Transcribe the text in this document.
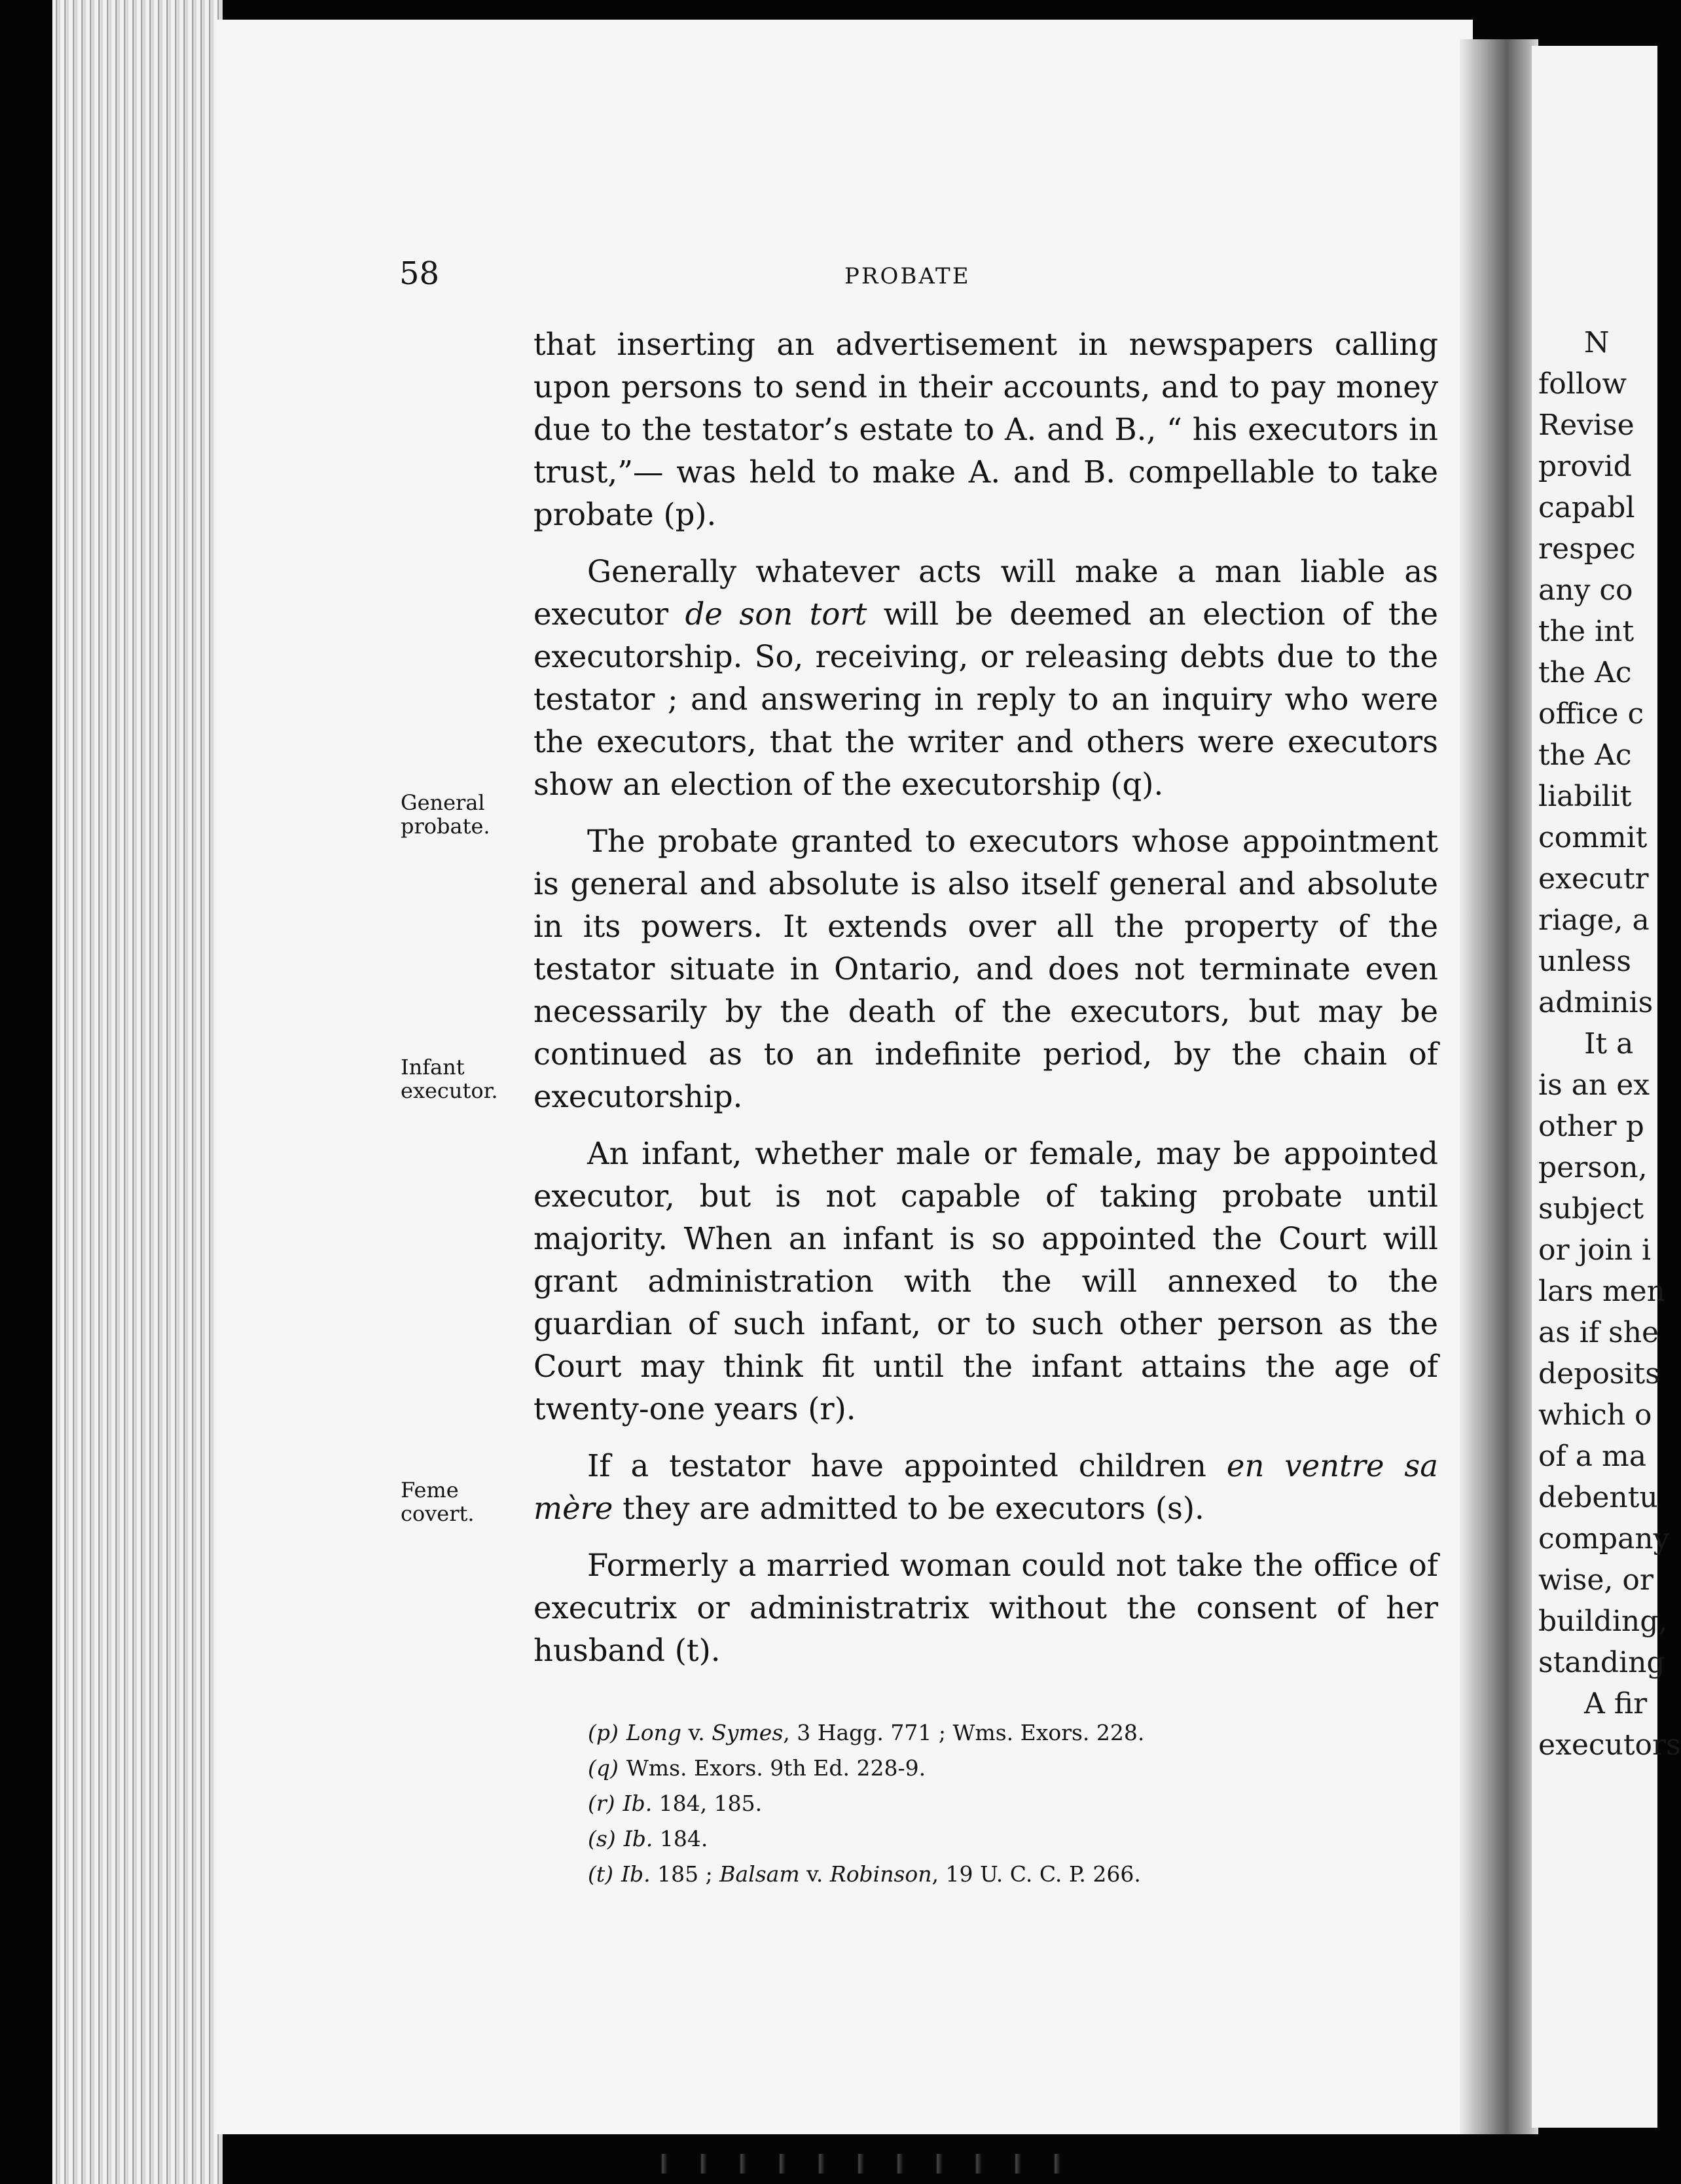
58	PROBATE

that inserting an advertisement in newspapers calling upon persons to send in their accounts, and to pay money due to the testator’s estate to A. and B., “ his executors in trust,”— was held to make A. and B. compellable to take probate (p).

Generally whatever acts will make a man liable as executor de son tort will be deemed an election of the executorship. So, receiving, or releasing debts due to the testator ; and answering in reply to an inquiry who were the executors, that the writer and others were executors show an election of the executorship (q).

The probate granted to executors whose appointment is general and absolute is also itself general and absolute in its powers. It extends over all the property of the testator situate in Ontario, and does not terminate even necessarily by the death of the executors, but may be continued as to an indefinite period, by the chain of executorship.

An infant, whether male or female, may be appointed executor, but is not capable of taking probate until majority. When an infant is so appointed the Court will grant administration with the will annexed to the guardian of such infant, or to such other person as the Court may think fit until the infant attains the age of twenty-one years (r).

If a testator have appointed children en ventre sa mère they are admitted to be executors (s).

Formerly a married woman could not take the office of executrix or administratrix without the consent of her husband (t).

General probate.
Infant executor.
Feme covert.

(p) Long v. Symes, 3 Hagg. 771 ; Wms. Exors. 228.

(q) Wms. Exors. 9th Ed. 228-9.

(r) Ib. 184, 185.

(s) Ib. 184.

(t) Ib. 185 ; Balsam v. Robinson, 19 U. C. C. P. 266.

N
follow
Revise
provid
capabl
respec
any co
the int
the Ac
office c
the Ac
liabilit
commit
executr
riage, a
unless
adminis
It a
is an ex
other p
person,
subject
or join i
lars men
as if she
deposits
which o
of a ma
debentu
company
wise, or
building,
standing
A fir
executors
